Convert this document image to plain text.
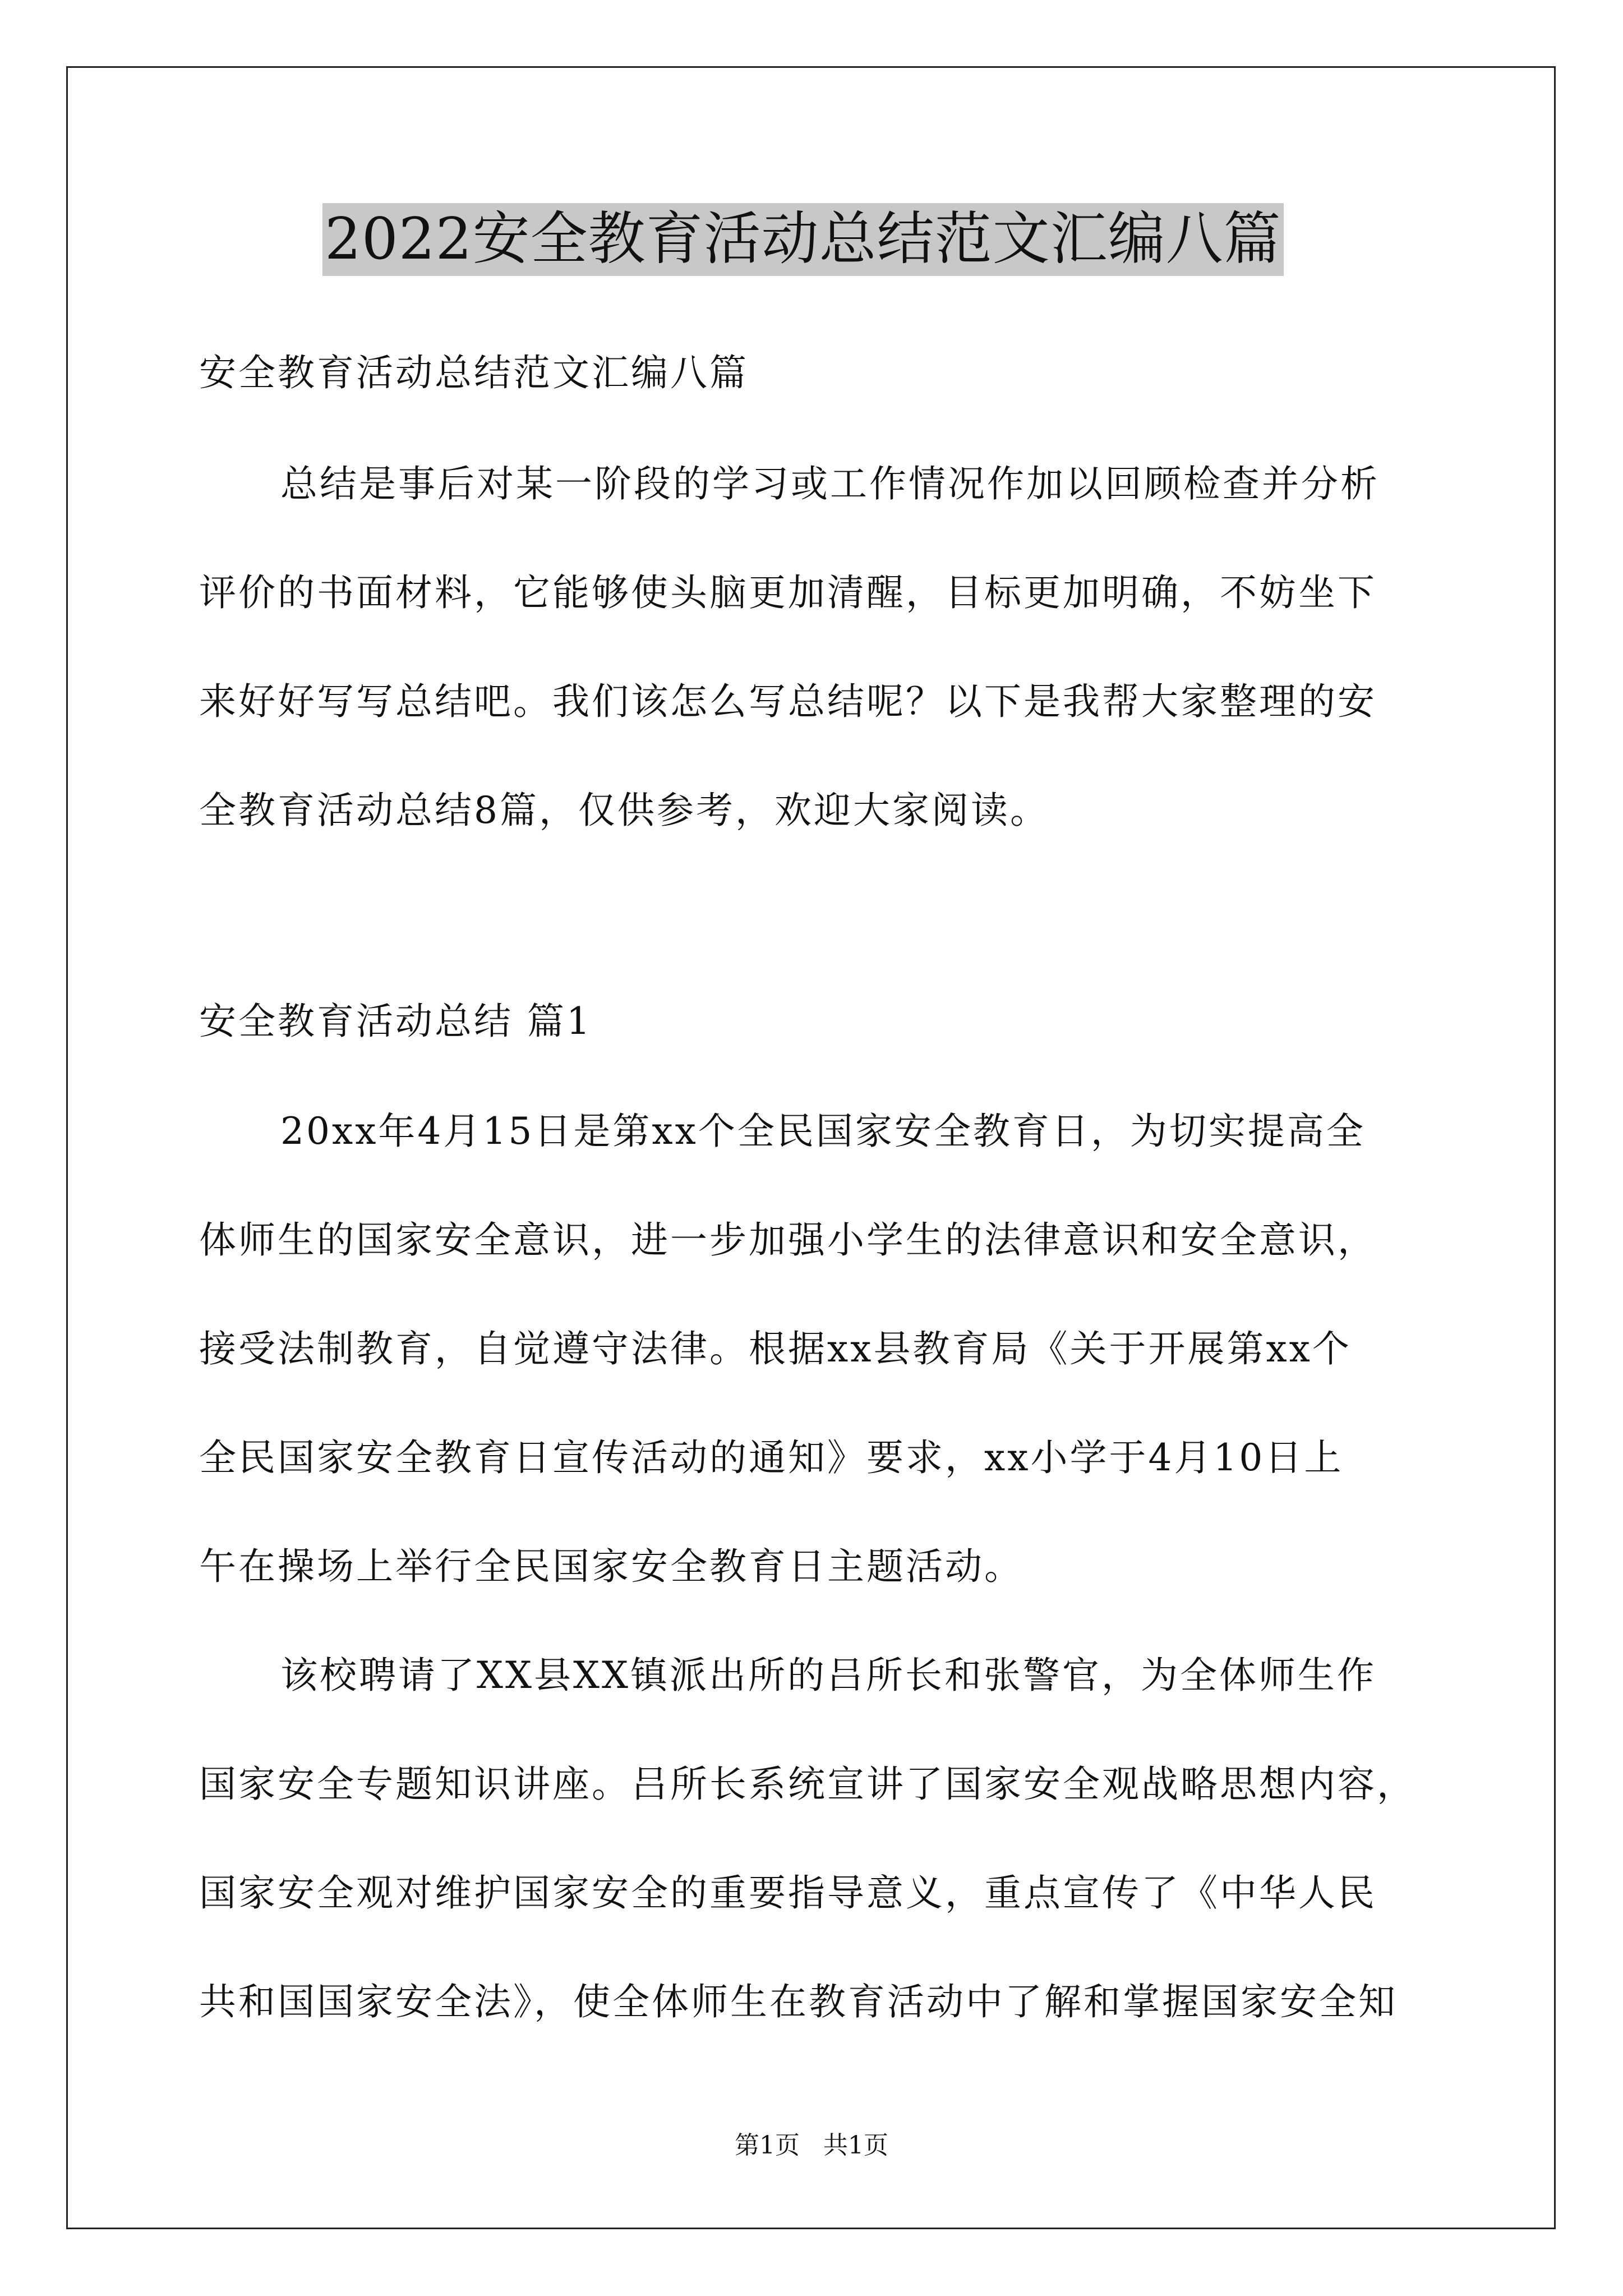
2022安全教育活动总结范文汇编八篇
安全教育活动总结范文汇编八篇
总结是事后对某一阶段的学习或工作情况作加以回顾检查并分析
评价的书面材料，它能够使头脑更加清醒，目标更加明确，不妨坐下
来好好写写总结吧。我们该怎么写总结呢？以下是我帮大家整理的安
全教育活动总结8篇，仅供参考，欢迎大家阅读。
安全教育活动总结 篇1
20xx年4月15日是第xx个全民国家安全教育日，为切实提高全
体师生的国家安全意识，进一步加强小学生的法律意识和安全意识，
接受法制教育，自觉遵守法律。根据xx县教育局《关于开展第xx个
全民国家安全教育日宣传活动的通知》要求，xx小学于4月10日上
午在操场上举行全民国家安全教育日主题活动。
该校聘请了XX县XX镇派出所的吕所长和张警官，为全体师生作
国家安全专题知识讲座。吕所长系统宣讲了国家安全观战略思想内容，
国家安全观对维护国家安全的重要指导意义，重点宣传了《中华人民
共和国国家安全法》，使全体师生在教育活动中了解和掌握国家安全知
第1页   共1页
